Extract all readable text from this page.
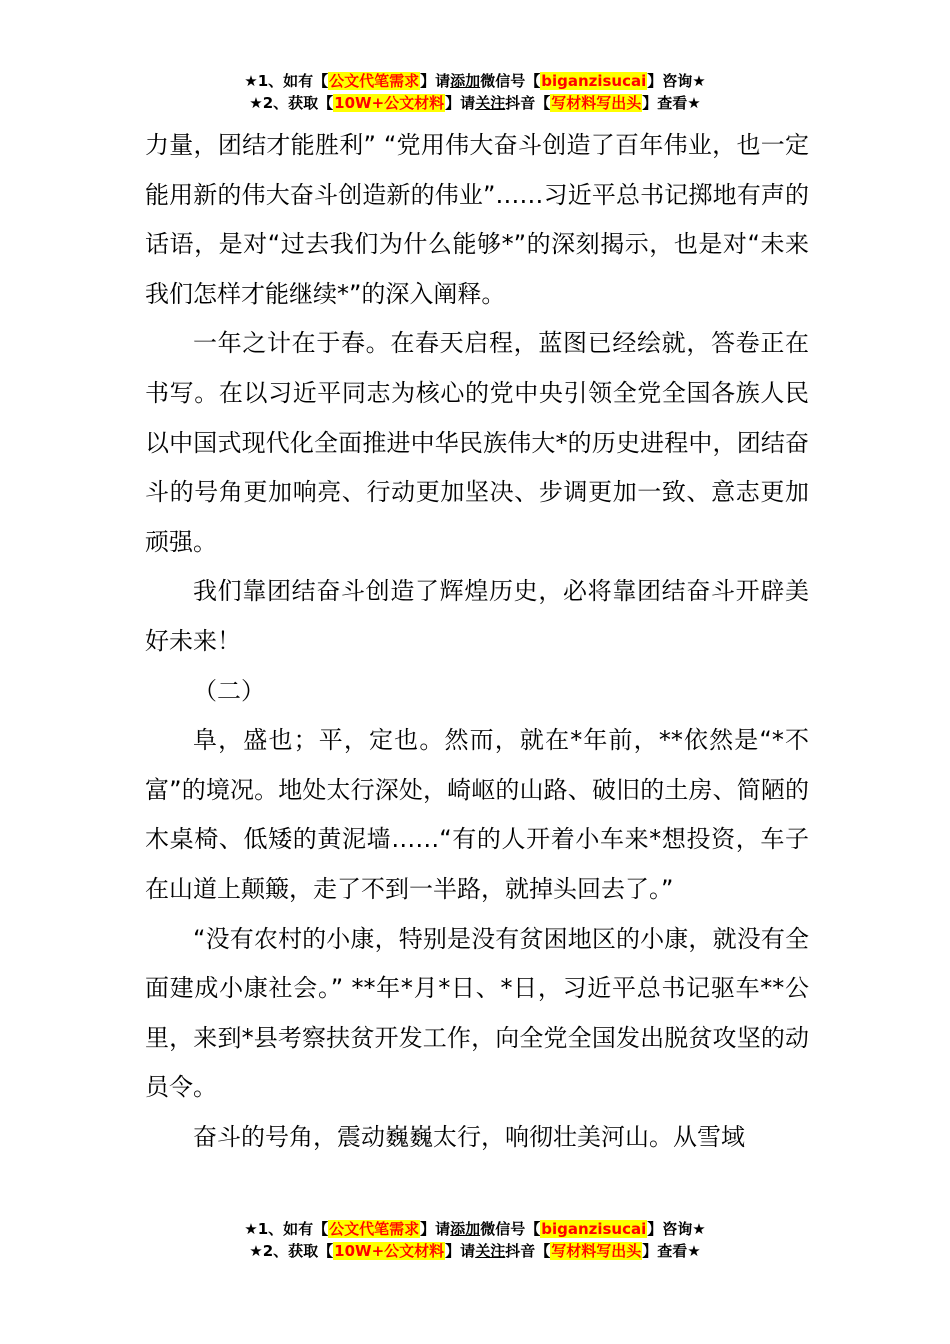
★1、如有【公文代笔需求】请添加微信号【biganzisucai】咨询★
★2、获取【10W+公文材料】请关注抖音【写材料写出头】查看★

力量，团结才能胜利” “党用伟大奋斗创造了百年伟业，也一定能用新的伟大奋斗创造新的伟业”……习近平总书记掷地有声的话语，是对“过去我们为什么能够*”的深刻揭示，也是对“未来我们怎样才能继续*”的深入阐释。

一年之计在于春。在春天启程，蓝图已经绘就，答卷正在书写。在以习近平同志为核心的党中央引领全党全国各族人民以中国式现代化全面推进中华民族伟大*的历史进程中，团结奋斗的号角更加响亮、行动更加坚决、步调更加一致、意志更加顽强。

我们靠团结奋斗创造了辉煌历史，必将靠团结奋斗开辟美好未来！

（二）

阜，盛也；平，定也。然而，就在*年前，**依然是“*不富”的境况。地处太行深处，崎岖的山路、破旧的土房、简陋的木桌椅、低矮的黄泥墙……“有的人开着小车来*想投资，车子在山道上颠簸，走了不到一半路，就掉头回去了。”

“没有农村的小康，特别是没有贫困地区的小康，就没有全面建成小康社会。” **年*月*日、*日，习近平总书记驱车**公里，来到*县考察扶贫开发工作，向全党全国发出脱贫攻坚的动员令。

奋斗的号角，震动巍巍太行，响彻壮美河山。从雪域

★1、如有【公文代笔需求】请添加微信号【biganzisucai】咨询★
★2、获取【10W+公文材料】请关注抖音【写材料写出头】查看★
